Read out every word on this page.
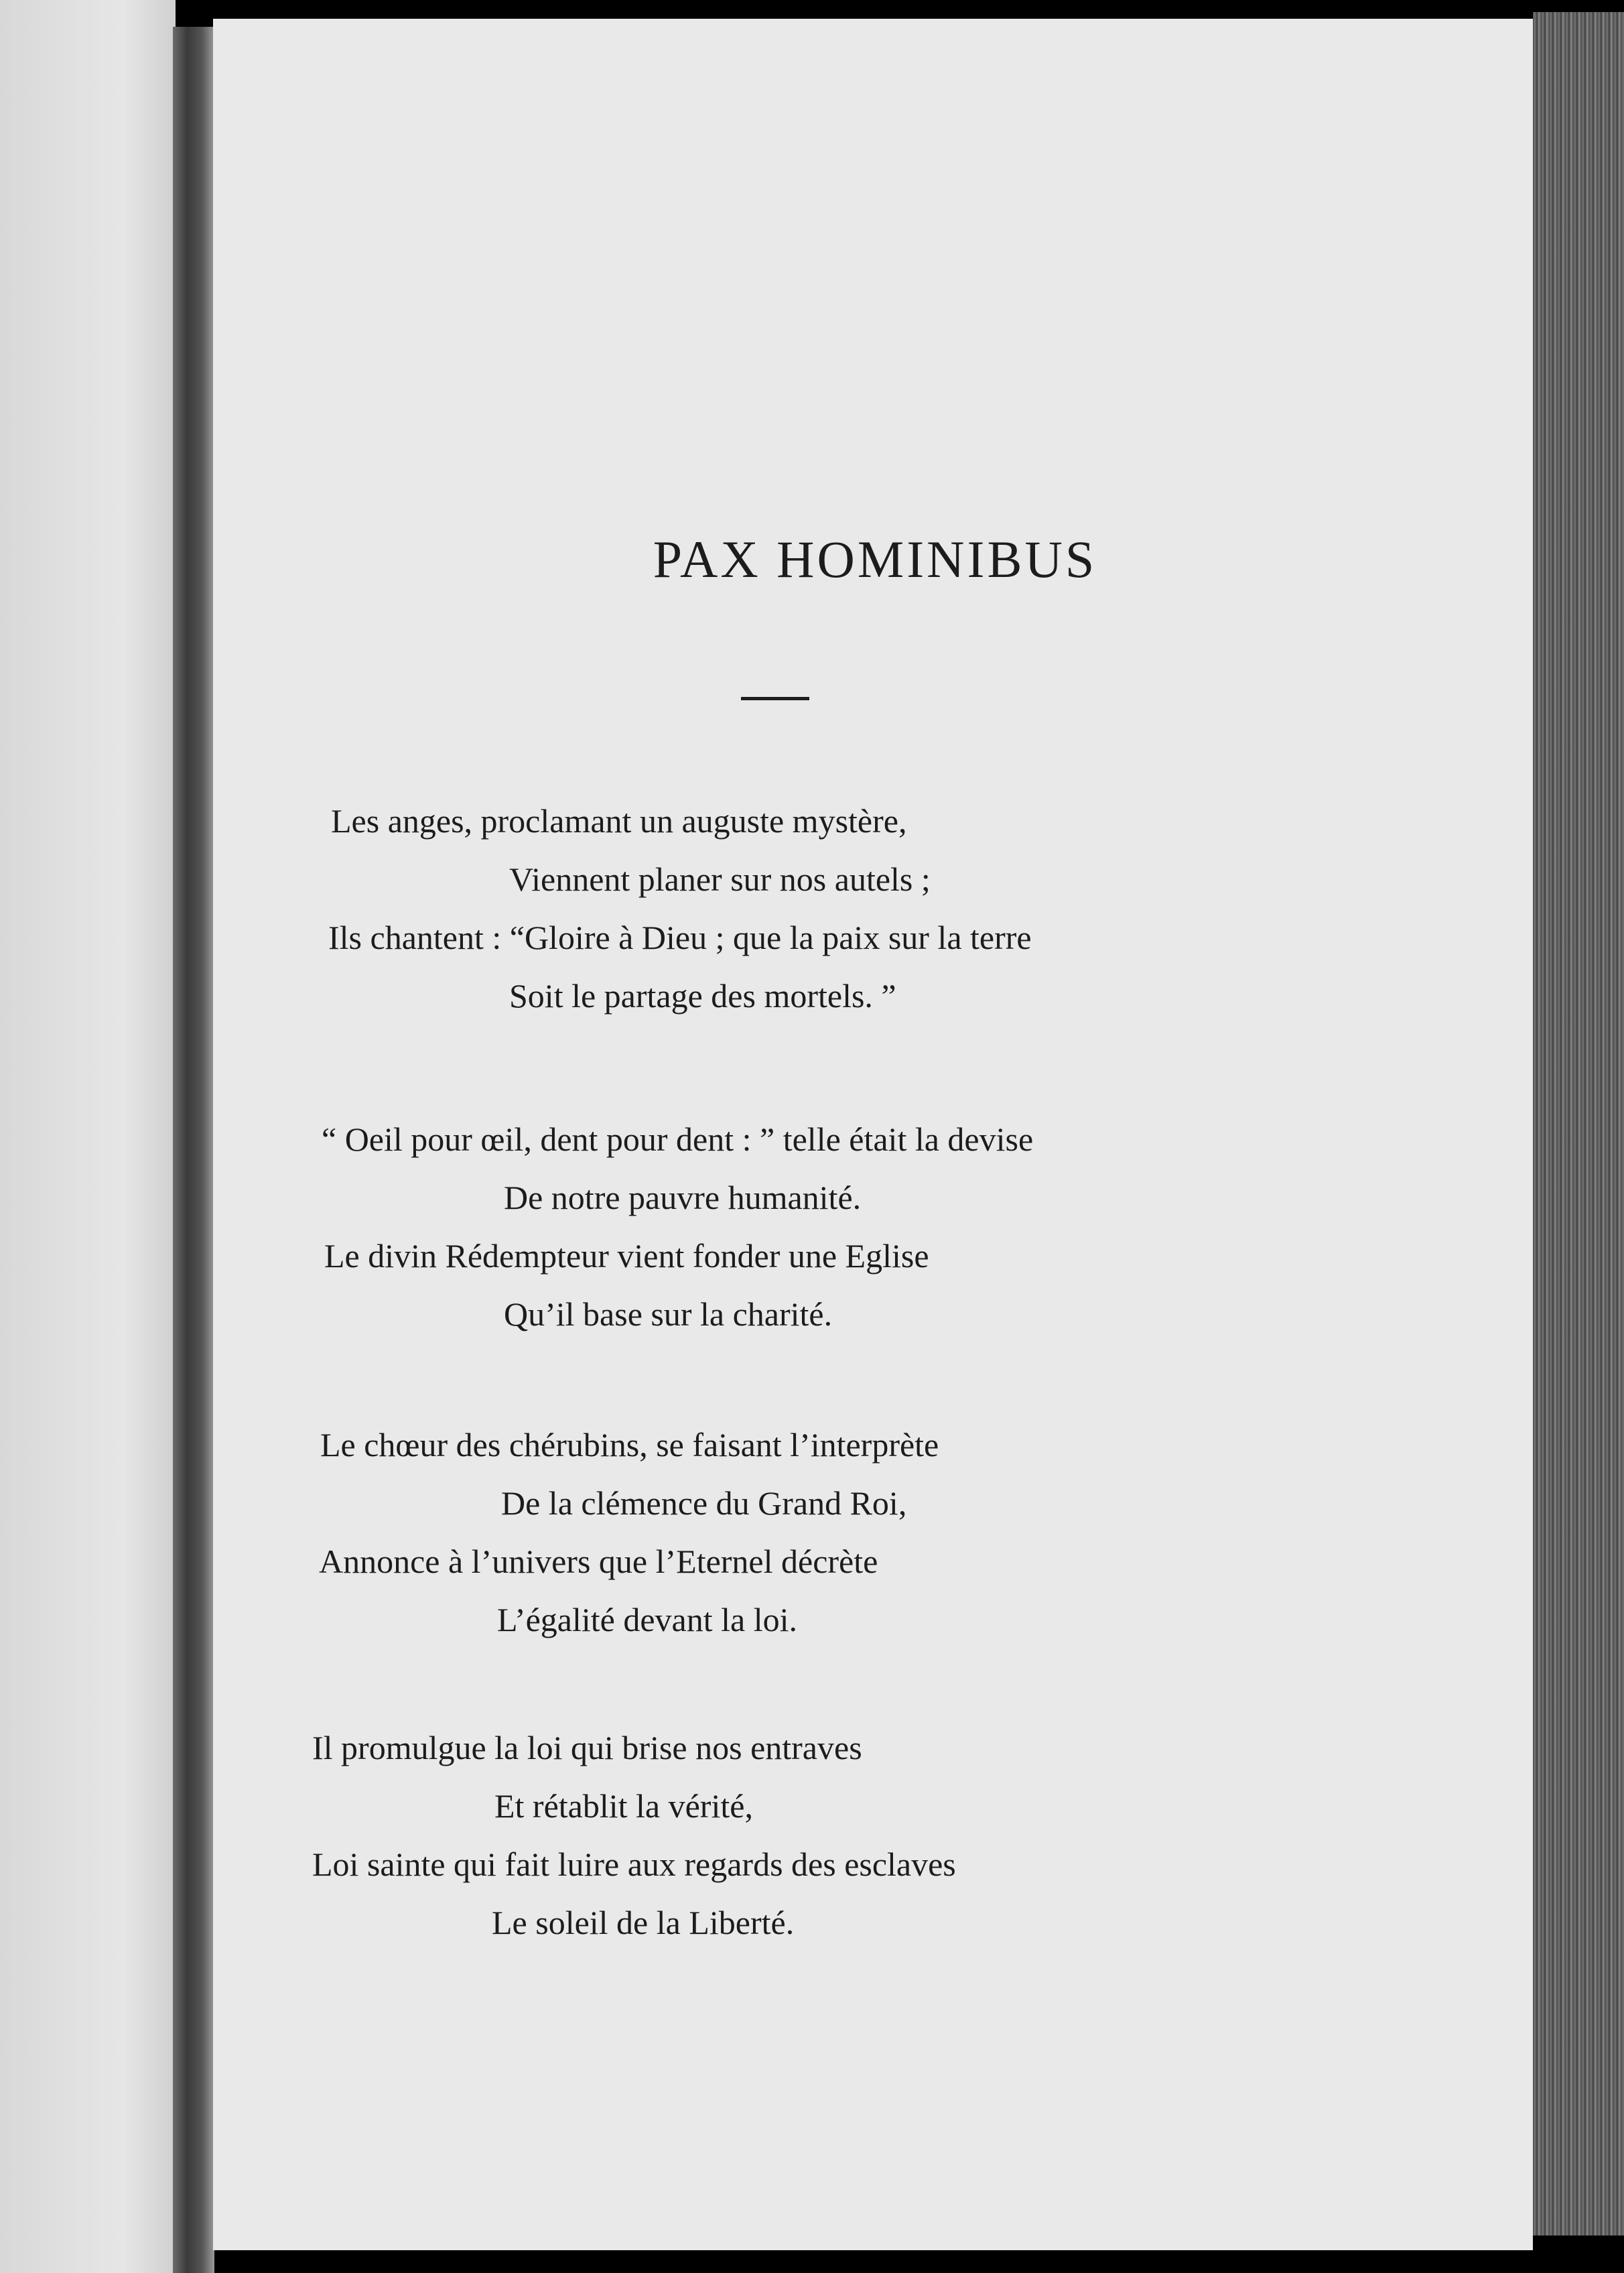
PAX HOMINIBUS
Les anges, proclamant un auguste mystère,
Viennent planer sur nos autels ;
Ils chantent : “Gloire à Dieu ; que la paix sur la terre
Soit le partage des mortels. ”
“ Oeil pour œil, dent pour dent : ” telle était la devise
De notre pauvre humanité.
Le divin Rédempteur vient fonder une Eglise
Qu’il base sur la charité.
Le chœur des chérubins, se faisant l’interprète
De la clémence du Grand Roi,
Annonce à l’univers que l’Eternel décrète
L’égalité devant la loi.
Il promulgue la loi qui brise nos entraves
Et rétablit la vérité,
Loi sainte qui fait luire aux regards des esclaves
Le soleil de la Liberté.
